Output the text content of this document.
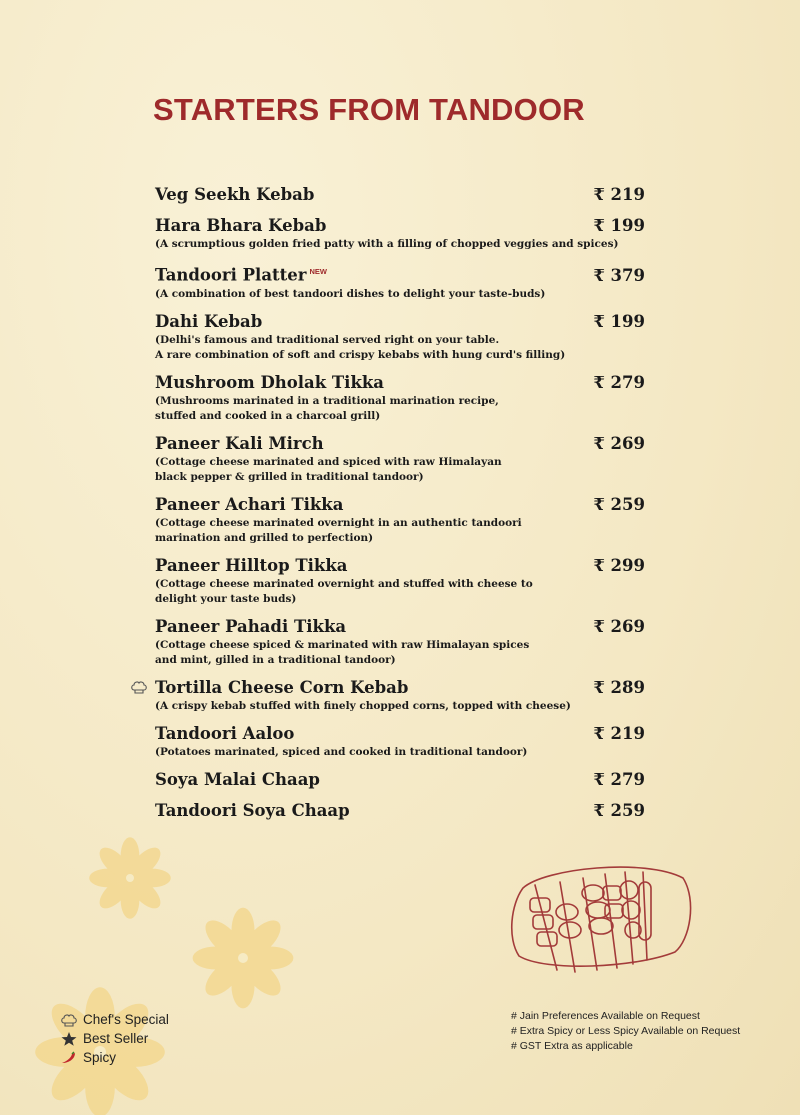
STARTERS FROM TANDOOR
Veg Seekh Kebab	₹ 219
Hara Bhara Kebab	₹ 199
(A scrumptious golden fried patty with a filling of chopped veggies and spices)
Tandoori Platter $^{NEW}$	₹ 379
(A combination of best tandoori dishes to delight your taste-buds)
Dahi Kebab	₹ 199
(Delhi's famous and traditional served right on your table.
A rare combination of soft and crispy kebabs with hung curd's filling)
Mushroom Dholak Tikka	₹ 279
(Mushrooms marinated in a traditional marination recipe,
stuffed and cooked in a charcoal grill)
Paneer Kali Mirch	₹ 269
(Cottage cheese marinated and spiced with raw Himalayan
black pepper & grilled in traditional tandoor)
Paneer Achari Tikka	₹ 259
(Cottage cheese marinated overnight in an authentic tandoori
marination and grilled to perfection)
Paneer Hilltop Tikka	₹ 299
(Cottage cheese marinated overnight and stuffed with cheese to
delight your taste buds)
Paneer Pahadi Tikka	₹ 269
(Cottage cheese spiced & marinated with raw Himalayan spices
and mint, gilled in a traditional tandoor)
Tortilla Cheese Corn Kebab	₹ 289
(A crispy kebab stuffed with finely chopped corns, topped with cheese)
Tandoori Aaloo	₹ 219
(Potatoes marinated, spiced and cooked in traditional tandoor)
Soya Malai Chaap	₹ 279
Tandoori Soya Chaap	₹ 259
Chef's Special
Best Seller
Spicy
# Jain Preferences Available on Request
# Extra Spicy or Less Spicy Available on Request
# GST Extra as applicable
